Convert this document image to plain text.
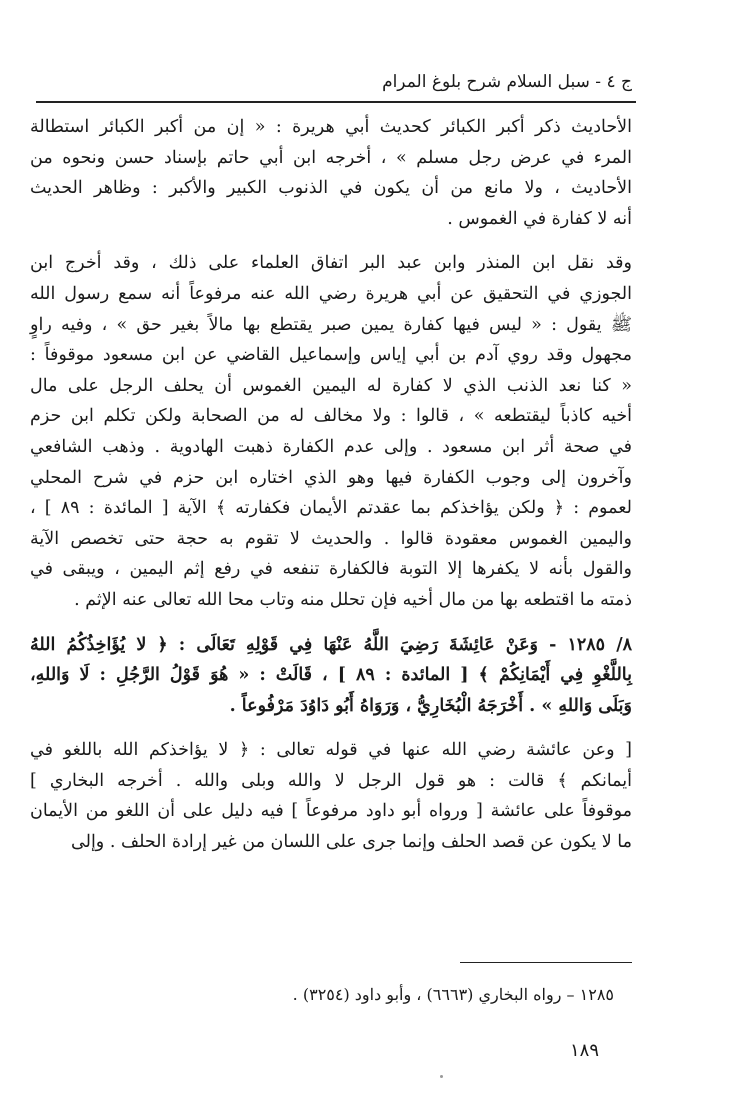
ج ٤ - سبل السلام شرح بلوغ المرام
الأحاديث ذكر أكبر الكبائر كحديث أبي هريرة : « إن من أكبر الكبائر استطالة
المرء في عرض رجل مسلم » ، أخرجه ابن أبي حاتم بإسناد حسن ونحوه من
الأحاديث ، ولا مانع من أن يكون في الذنوب الكبير والأكبر : وظاهر الحديث
أنه لا كفارة في الغموس .
وقد نقل ابن المنذر وابن عبد البر اتفاق العلماء على ذلك ، وقد أخرج ابن
الجوزي في التحقيق عن أبي هريرة رضي الله عنه مرفوعاً أنه سمع رسول الله
ﷺ يقول : « ليس فيها كفارة يمين صبر يقتطع بها مالاً بغير حق » ، وفيه راوٍ
مجهول وقد روي آدم بن أبي إياس وإسماعيل القاضي عن ابن مسعود موقوفاً :
« كنا نعد الذنب الذي لا كفارة له اليمين الغموس أن يحلف الرجل على مال
أخيه كاذباً ليقتطعه » ، قالوا : ولا مخالف له من الصحابة ولكن تكلم ابن حزم
في صحة أثر ابن مسعود . وإلى عدم الكفارة ذهبت الهادوية . وذهب الشافعي
وآخرون إلى وجوب الكفارة فيها وهو الذي اختاره ابن حزم في شرح المحلي
لعموم : ﴿ ولكن يؤاخذكم بما عقدتم الأيمان فكفارته ﴾ الآية [ المائدة : ٨٩ ] ،
واليمين الغموس معقودة قالوا . والحديث لا تقوم به حجة حتى تخصص الآية
والقول بأنه لا يكفرها إلا التوبة فالكفارة تنفعه في رفع إثم اليمين ، ويبقى في
ذمته ما اقتطعه بها من مال أخيه فإن تحلل منه وتاب محا الله تعالى عنه الإثم .
٨/ ١٢٨٥ - وَعَنْ عَائِشَةَ رَضِيَ اللَّهُ عَنْهَا فِي قَوْلِهِ تَعَالَى : ﴿ لا يُؤَاخِذُكُمُ اللهُ
بِاللَّغْوِ فِي أَيْمَانِكُمْ ﴾ [ المائدة : ٨٩ ] ، قَالَتْ : « هُوَ قَوْلُ الرَّجُلِ : لَا وَاللهِ،
وَبَلَى وَاللهِ » . أَخْرَجَهُ الْبُخَارِيُّ ، وَرَوَاهُ أَبُو دَاوُدَ مَرْفُوعاً .
[ وعن عائشة رضي الله عنها في قوله تعالى : ﴿ لا يؤاخذكم الله باللغو في
أيمانكم ﴾ قالت : هو قول الرجل لا والله وبلى والله . أخرجه البخاري ]
موقوفاً على عائشة [ ورواه أبو داود مرفوعاً ] فيه دليل على أن اللغو من الأيمان
ما لا يكون عن قصد الحلف وإنما جرى على اللسان من غير إرادة الحلف . وإلى
١٢٨٥ – رواه البخاري (٦٦٦٣) ، وأبو داود (٣٢٥٤) .
١٨٩
